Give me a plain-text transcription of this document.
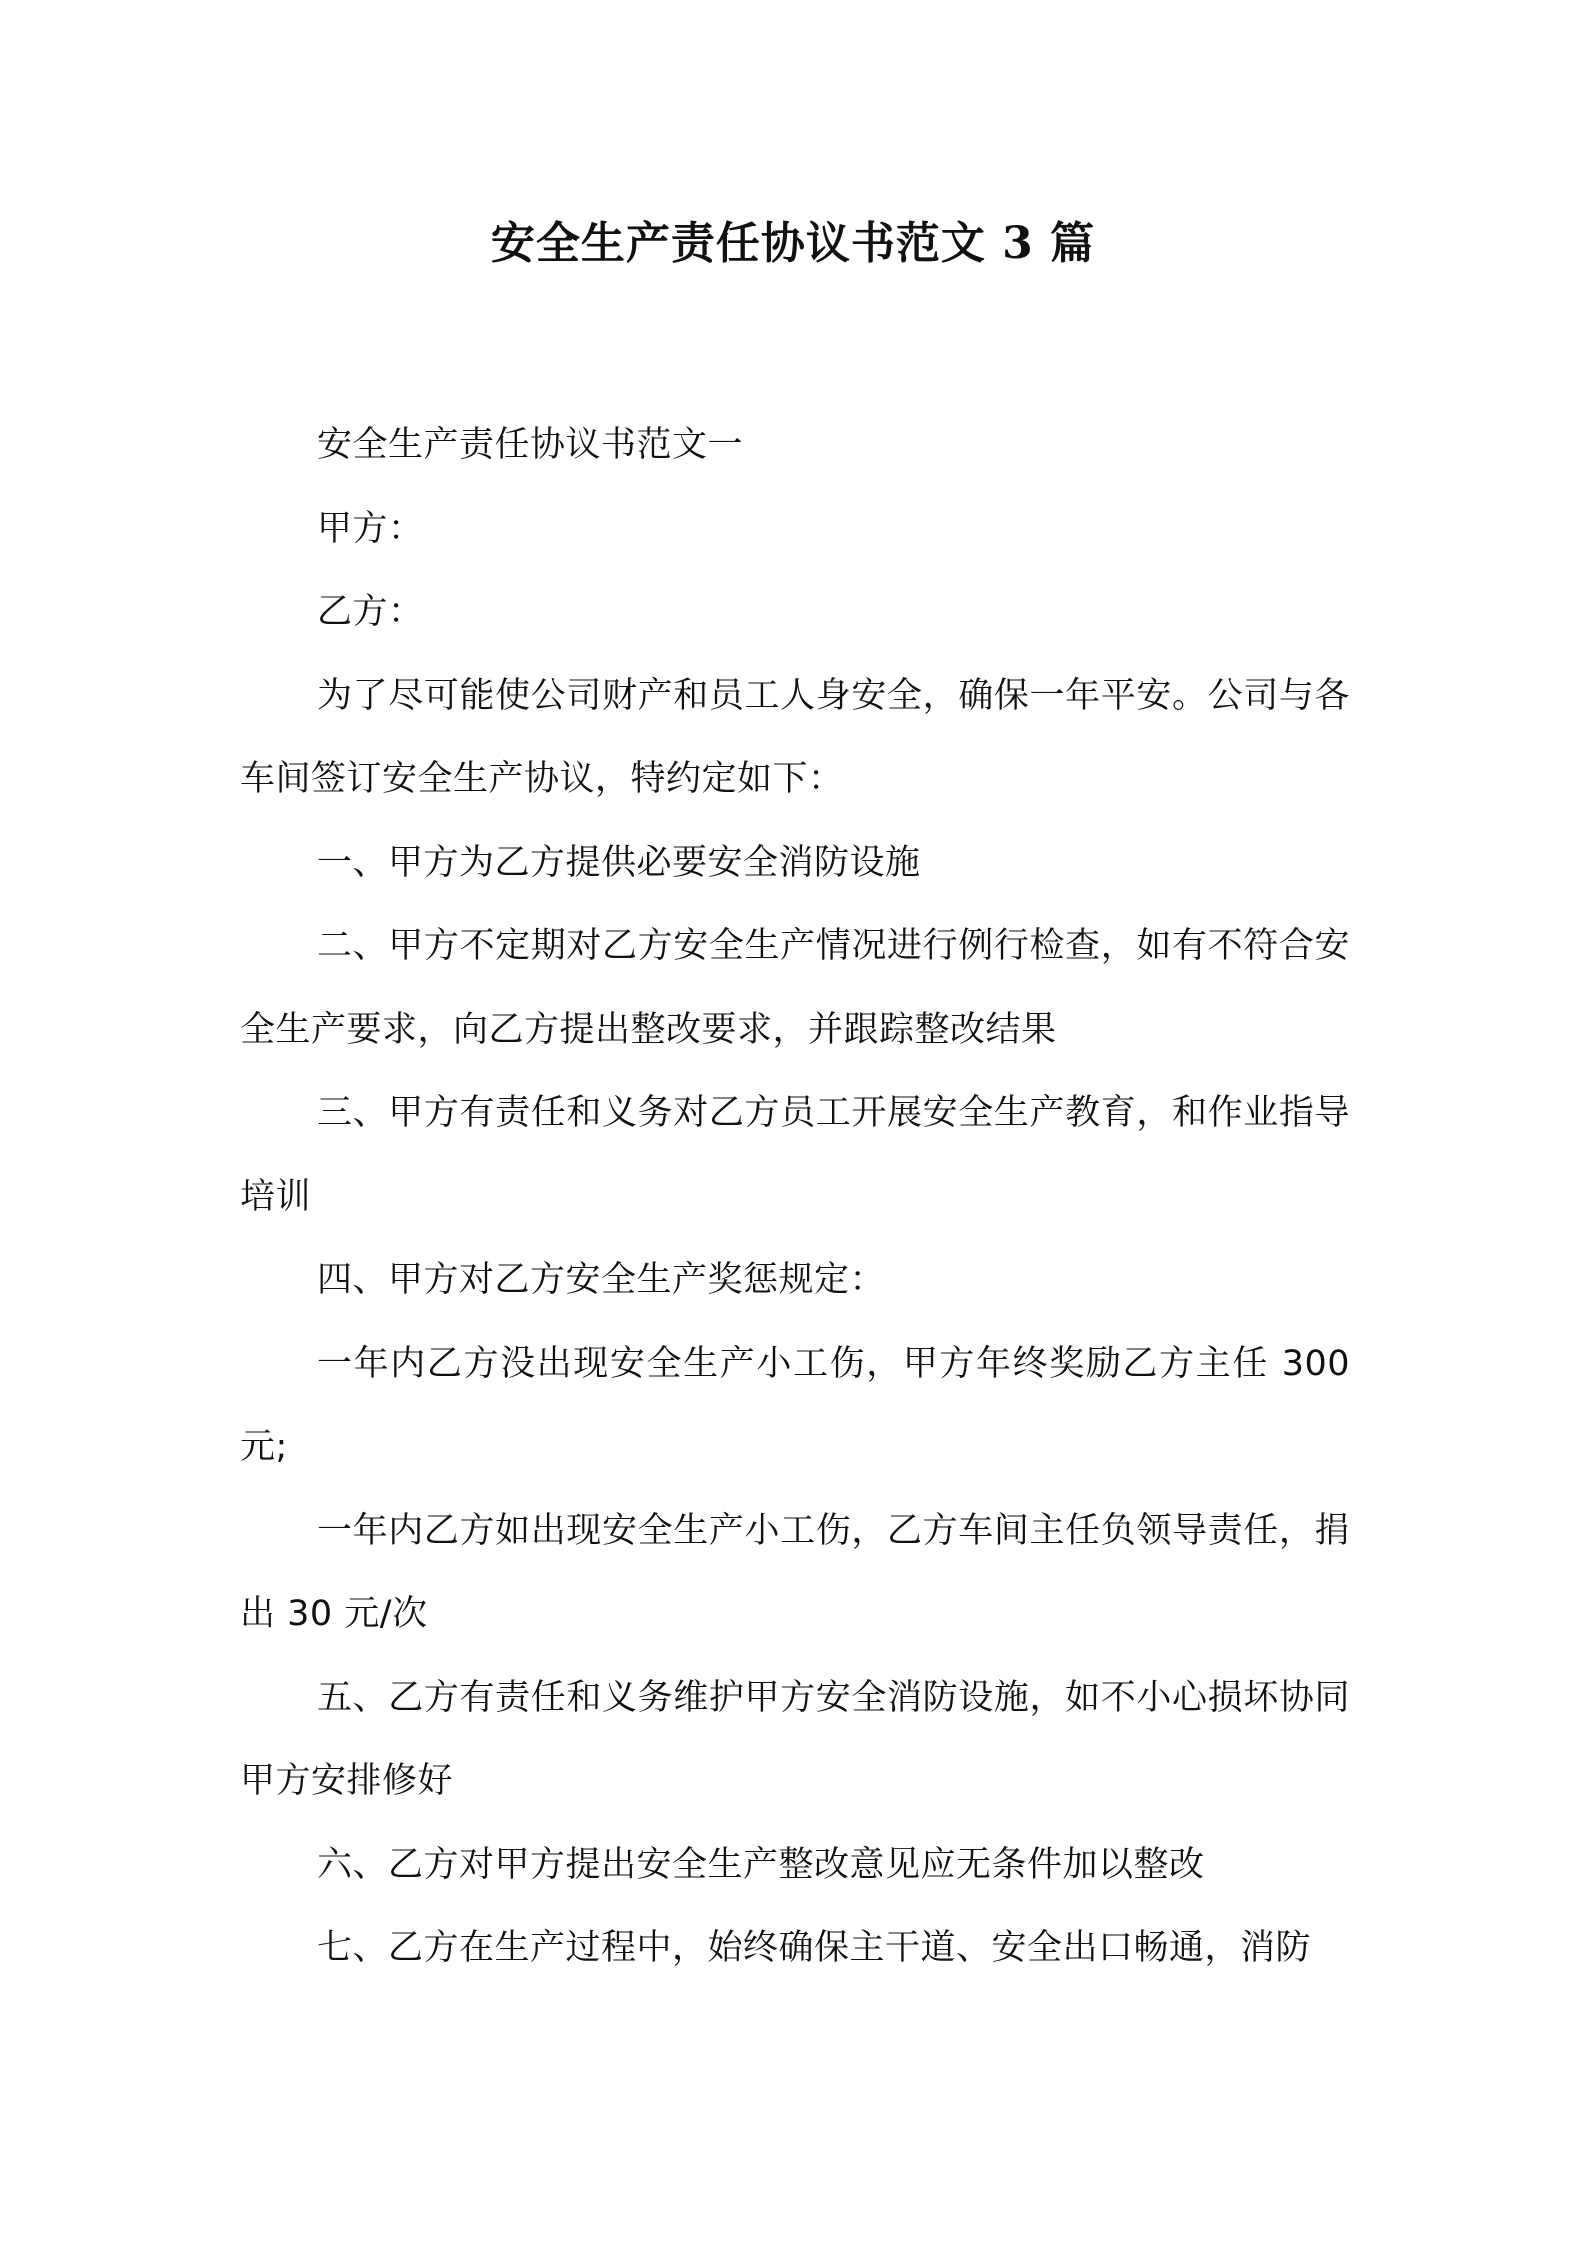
安全生产责任协议书范文 3 篇

安全生产责任协议书范文一

甲方：

乙方：

为了尽可能使公司财产和员工人身安全，确保一年平安。公司与各车间签订安全生产协议，特约定如下：

一、甲方为乙方提供必要安全消防设施

二、甲方不定期对乙方安全生产情况进行例行检查，如有不符合安全生产要求，向乙方提出整改要求，并跟踪整改结果

三、甲方有责任和义务对乙方员工开展安全生产教育，和作业指导培训

四、甲方对乙方安全生产奖惩规定：

一年内乙方没出现安全生产小工伤，甲方年终奖励乙方主任 300 元;

一年内乙方如出现安全生产小工伤，乙方车间主任负领导责任，捐出 30 元/次

五、乙方有责任和义务维护甲方安全消防设施，如不小心损坏协同甲方安排修好

六、乙方对甲方提出安全生产整改意见应无条件加以整改

七、乙方在生产过程中，始终确保主干道、安全出口畅通，消防
